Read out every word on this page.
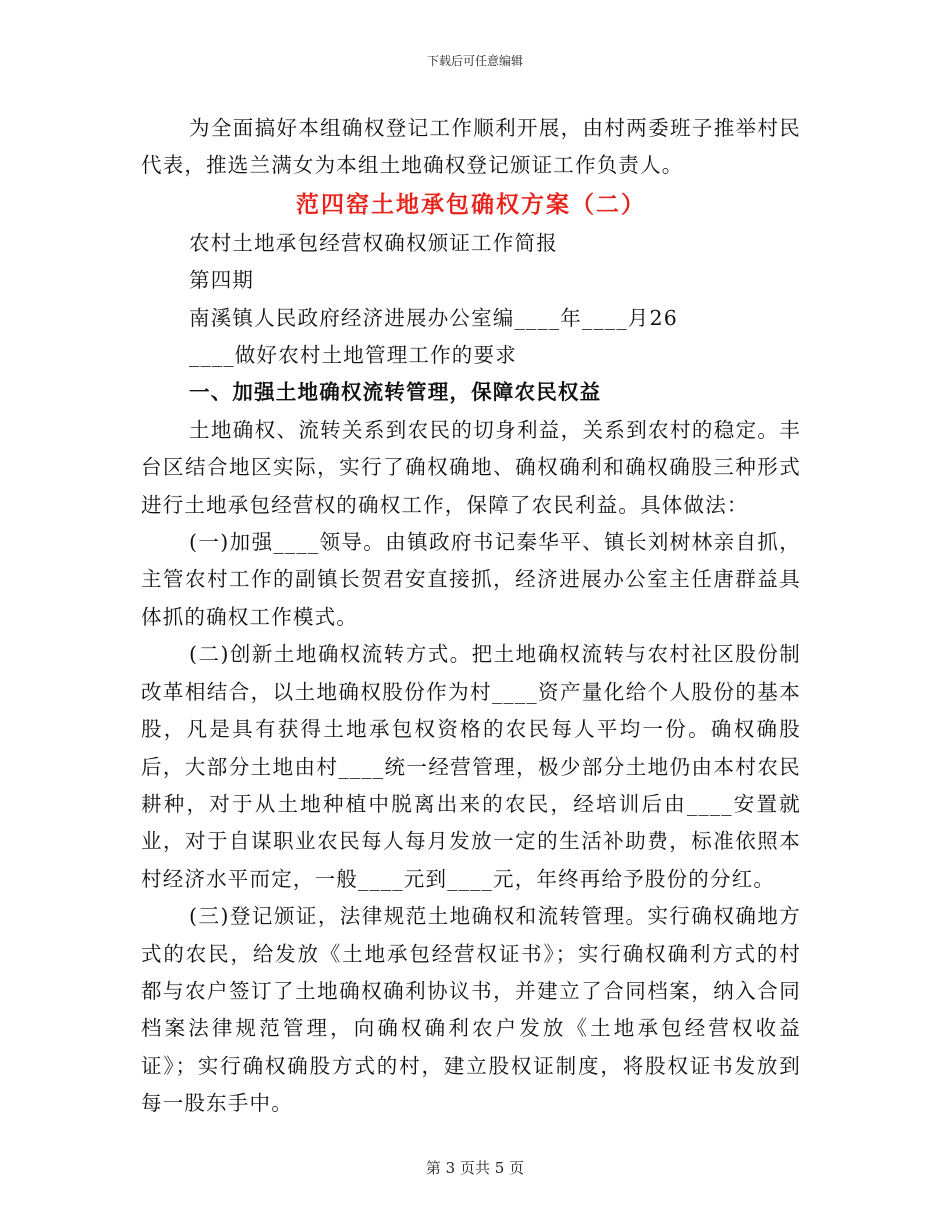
下载后可任意编辑

为全面搞好本组确权登记工作顺利开展，由村两委班子推举村民代表，推选兰满女为本组土地确权登记颁证工作负责人。

范四窑土地承包确权方案（二）

农村土地承包经营权确权颁证工作简报

第四期

南溪镇人民政府经济进展办公室编____年____月26

____做好农村土地管理工作的要求

一、加强土地确权流转管理，保障农民权益

土地确权、流转关系到农民的切身利益，关系到农村的稳定。丰台区结合地区实际，实行了确权确地、确权确利和确权确股三种形式进行土地承包经营权的确权工作，保障了农民利益。具体做法：

(一)加强____领导。由镇政府书记秦华平、镇长刘树林亲自抓，主管农村工作的副镇长贺君安直接抓，经济进展办公室主任唐群益具体抓的确权工作模式。

(二)创新土地确权流转方式。把土地确权流转与农村社区股份制改革相结合，以土地确权股份作为村____资产量化给个人股份的基本股，凡是具有获得土地承包权资格的农民每人平均一份。确权确股后，大部分土地由村____统一经营管理，极少部分土地仍由本村农民耕种，对于从土地种植中脱离出来的农民，经培训后由____安置就业，对于自谋职业农民每人每月发放一定的生活补助费，标准依照本村经济水平而定，一般____元到____元，年终再给予股份的分红。

(三)登记颁证，法律规范土地确权和流转管理。实行确权确地方式的农民，给发放《土地承包经营权证书》；实行确权确利方式的村都与农户签订了土地确权确利协议书，并建立了合同档案，纳入合同档案法律规范管理，向确权确利农户发放《土地承包经营权收益证》；实行确权确股方式的村，建立股权证制度，将股权证书发放到每一股东手中。

第 3 页共 5 页
